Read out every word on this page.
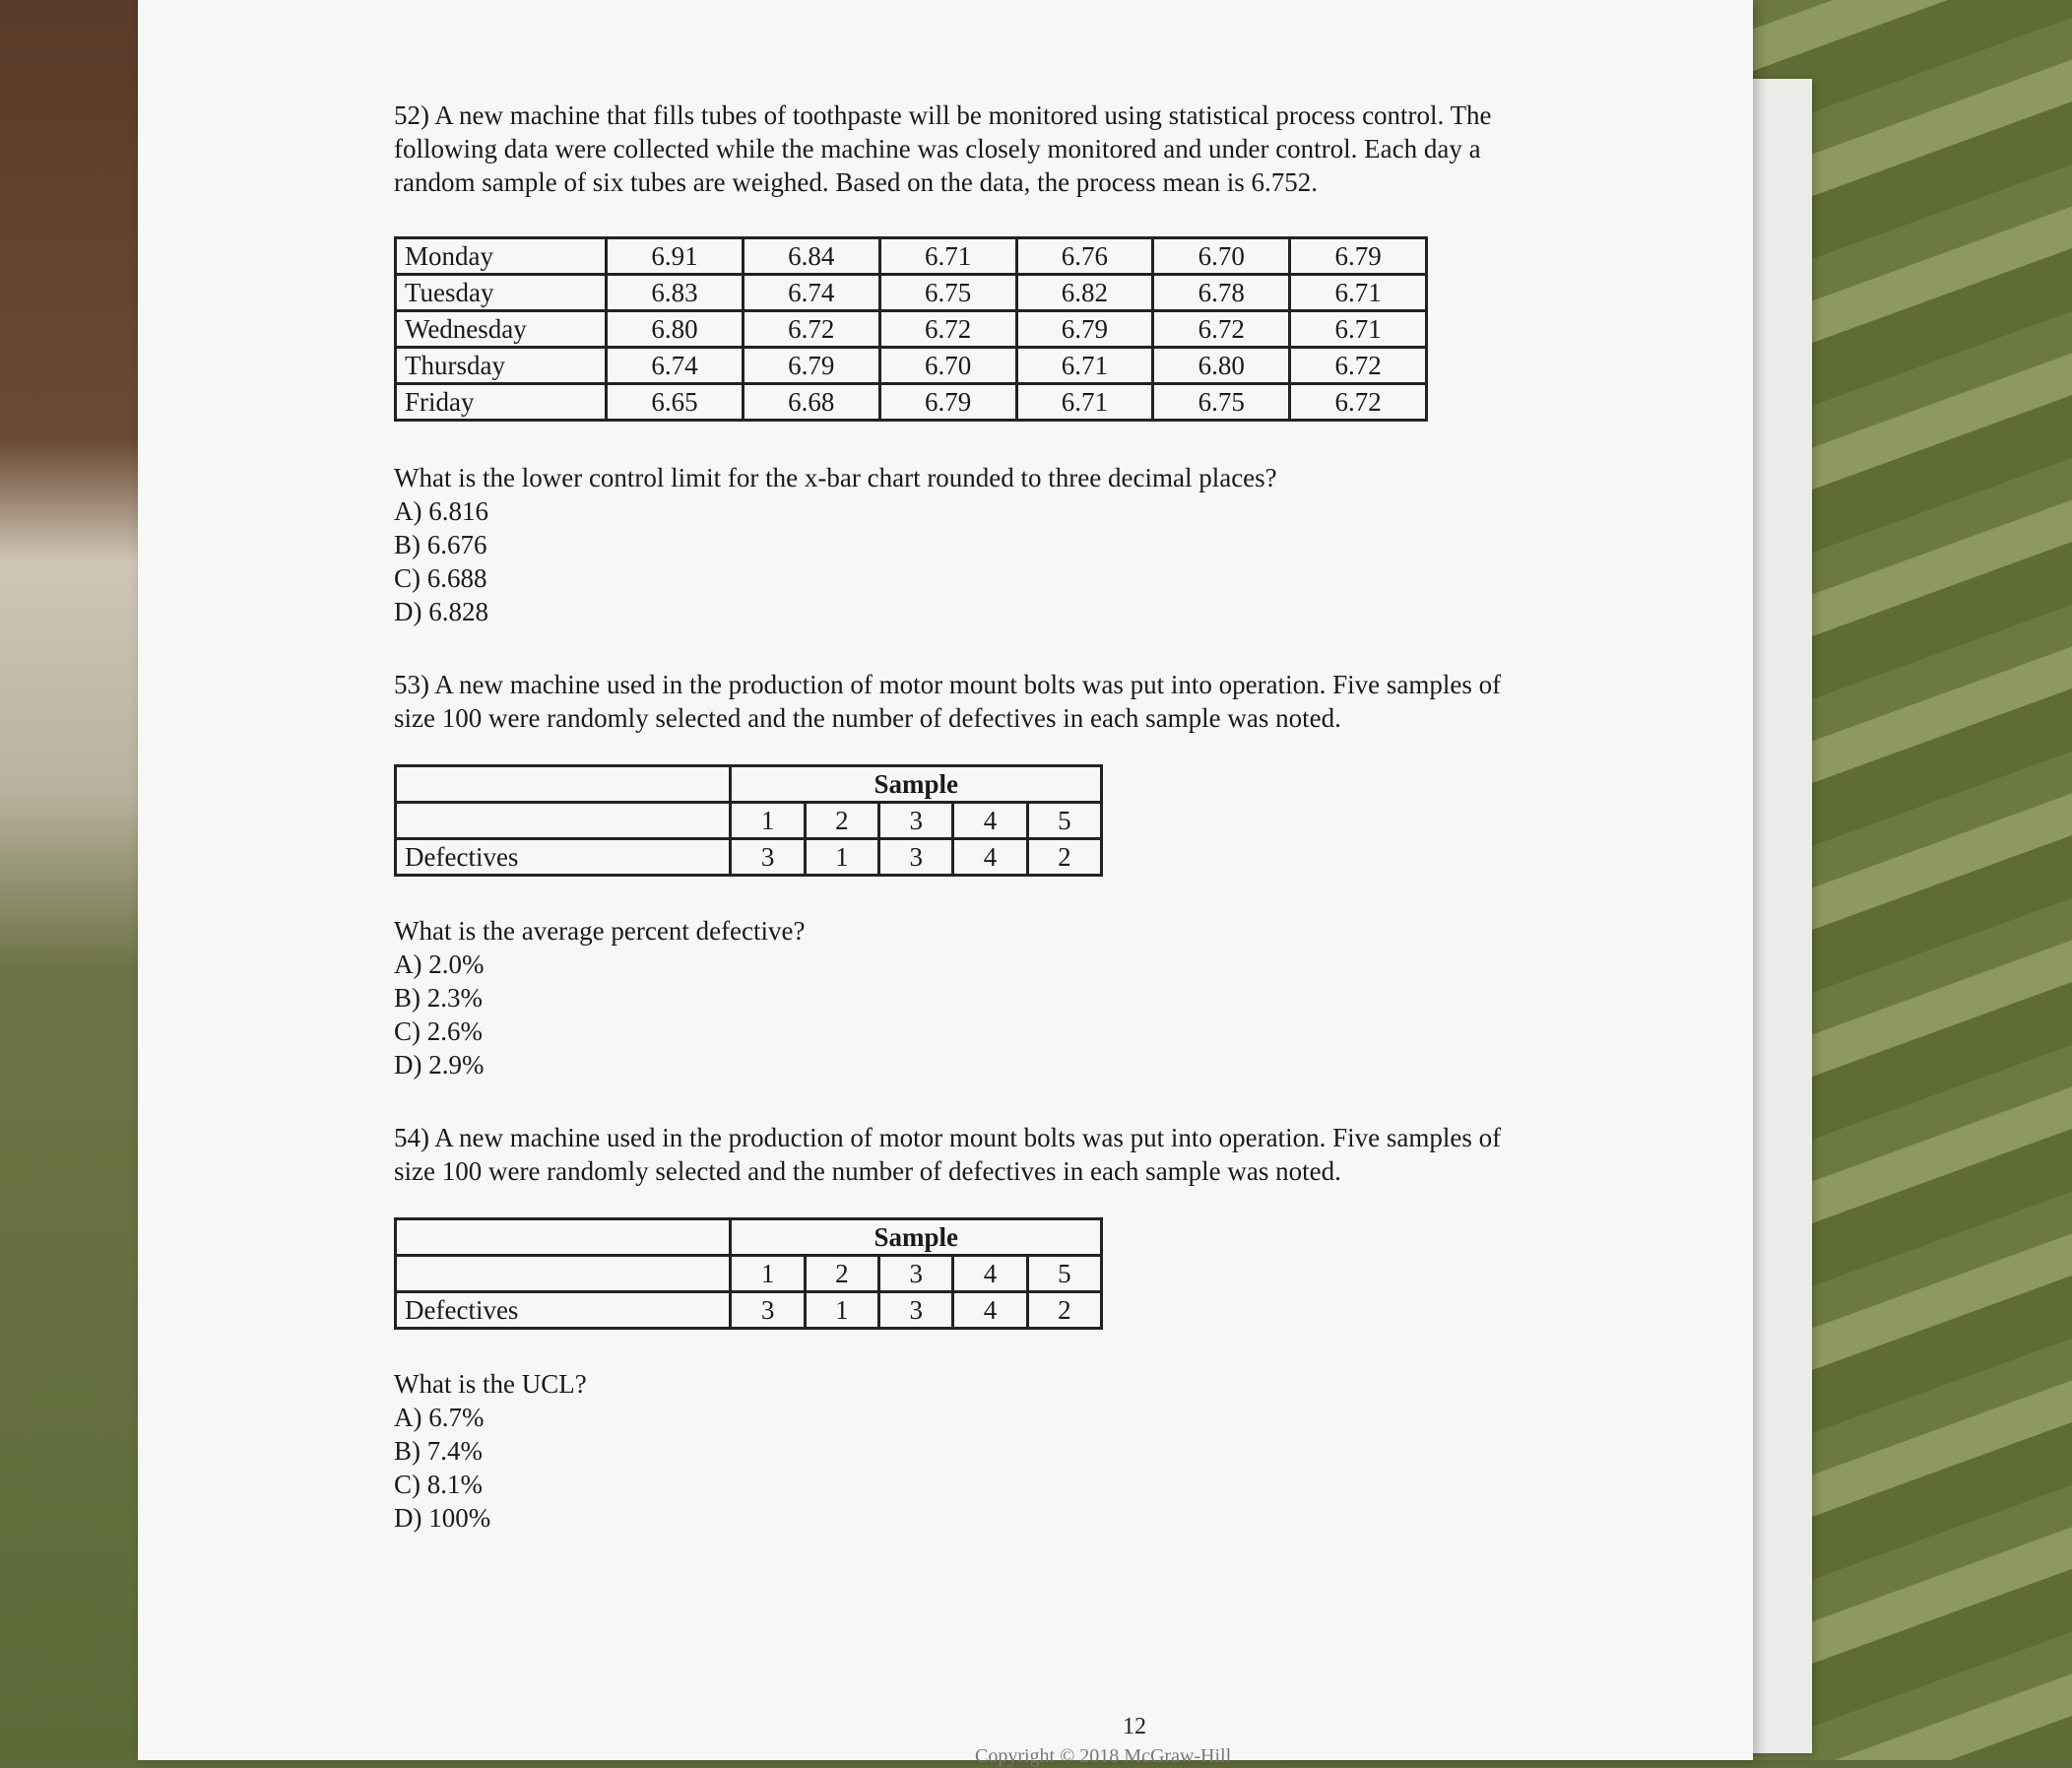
52) A new machine that fills tubes of toothpaste will be monitored using statistical process control. The following data were collected while the machine was closely monitored and under control. Each day a random sample of six tubes are weighed. Based on the data, the process mean is 6.752.

Monday	6.91	6.84	6.71	6.76	6.70	6.79
Tuesday	6.83	6.74	6.75	6.82	6.78	6.71
Wednesday	6.80	6.72	6.72	6.79	6.72	6.71
Thursday	6.74	6.79	6.70	6.71	6.80	6.72
Friday	6.65	6.68	6.79	6.71	6.75	6.72

What is the lower control limit for the x-bar chart rounded to three decimal places?

A) 6.816
B) 6.676
C) 6.688
D) 6.828

53) A new machine used in the production of motor mount bolts was put into operation. Five samples of size 100 were randomly selected and the number of defectives in each sample was noted.

	Sample				
	1	2	3	4	5
Defectives	3	1	3	4	2

What is the average percent defective?

A) 2.0%
B) 2.3%
C) 2.6%
D) 2.9%

54) A new machine used in the production of motor mount bolts was put into operation. Five samples of size 100 were randomly selected and the number of defectives in each sample was noted.

	Sample				
	1	2	3	4	5
Defectives	3	1	3	4	2

What is the UCL?

A) 6.7%
B) 7.4%
C) 8.1%
D) 100%
12
Copyright © 2018 McGraw-Hill
